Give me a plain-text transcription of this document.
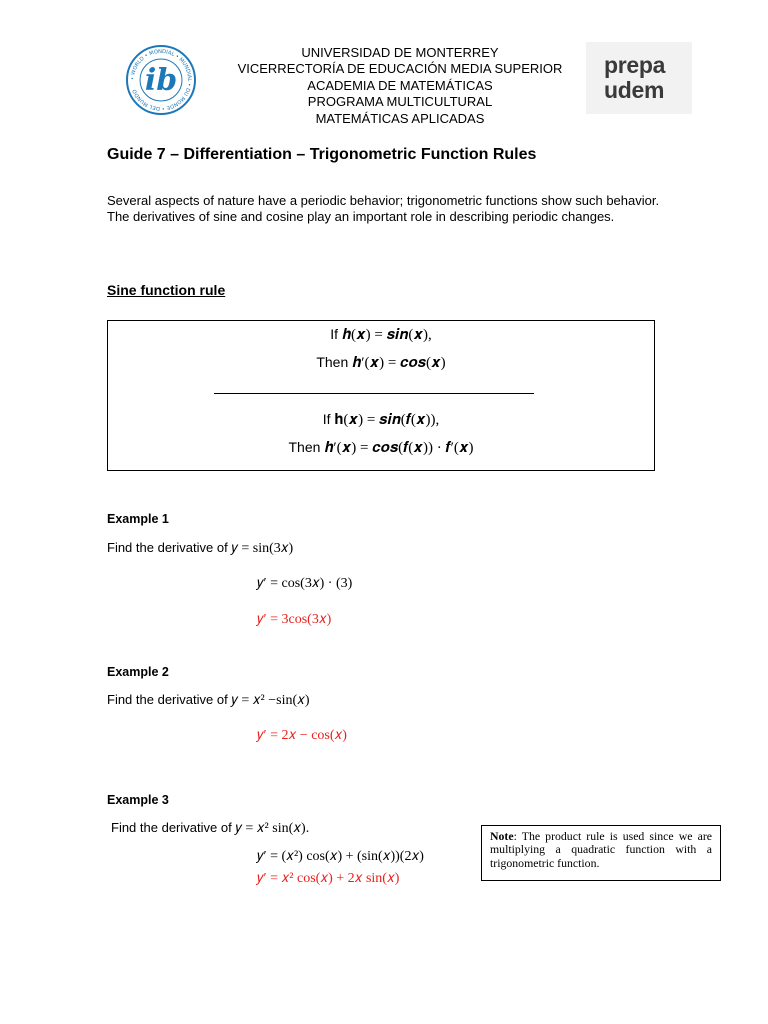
• WORLD • MONDIAL • MUNDIAL • DU MONDE • DEL MUNDO ib
UNIVERSIDAD DE MONTERREY
VICERRECTORÍA DE EDUCACIÓN MEDIA SUPERIOR
ACADEMIA DE MATEMÁTICAS
PROGRAMA MULTICULTURAL
MATEMÁTICAS APLICADAS
prepa
udem
Guide 7 – Differentiation – Trigonometric Function Rules
Several aspects of nature have a periodic behavior; trigonometric functions show such behavior. The derivatives of sine and cosine play an important role in describing periodic changes.
Sine function rule
If 𝒉(𝒙) = 𝒔𝒊𝒏(𝒙),
Then 𝒉′(𝒙) = 𝒄𝒐𝒔(𝒙)
If 𝐡(𝒙) = 𝒔𝒊𝒏(𝒇(𝒙)),
Then 𝒉′(𝒙) = 𝒄𝒐𝒔(𝒇(𝒙)) · 𝒇′(𝒙)
Example 1
Find the derivative of 𝑦 = sin(3𝑥)
𝑦′ = cos(3𝑥) · (3)
𝑦′ = 3cos(3𝑥)
Example 2
Find the derivative of 𝑦 = 𝑥² −sin(𝑥)
𝑦′ = 2𝑥 − cos(𝑥)
Example 3
Find the derivative of 𝑦 = 𝑥² sin(𝑥).
𝑦′ = (𝑥²) cos(𝑥) + (sin(𝑥))(2𝑥)
𝑦′ = 𝑥² cos(𝑥) + 2𝑥 sin(𝑥)
Note: The product rule is used since we are multiplying a quadratic function with a trigonometric function.
